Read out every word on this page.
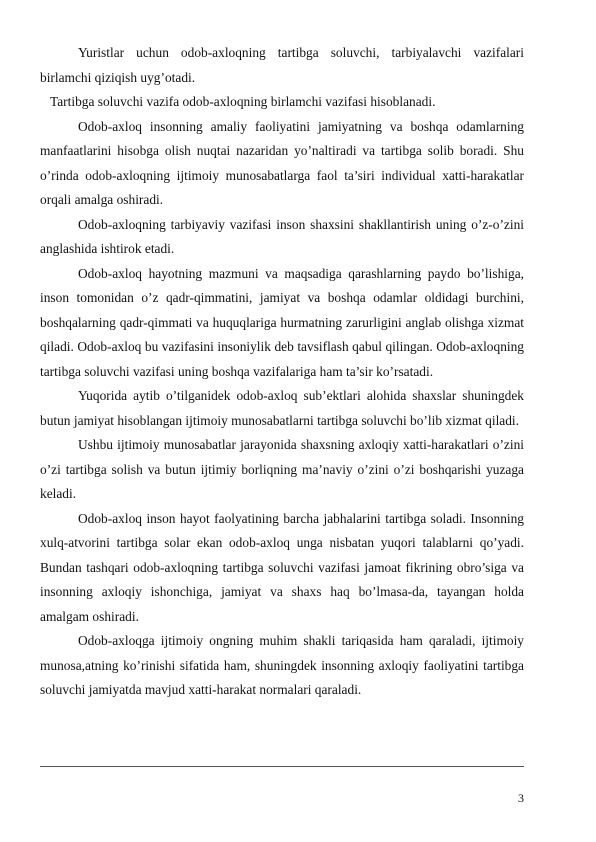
Yuristlar uchun odob-axloqning tartibga soluvchi, tarbiyalavchi vazifalari birlamchi qiziqish uyg’otadi.

Tartibga soluvchi vazifa odob-axloqning birlamchi vazifasi hisoblanadi.

Odob-axloq insonning amaliy faoliyatini jamiyatning va boshqa odamlarning manfaatlarini hisobga olish nuqtai nazaridan yo’naltiradi va tartibga solib boradi. Shu o’rinda odob-axloqning ijtimoiy munosabatlarga faol ta’siri individual xatti-harakatlar orqali amalga oshiradi.

Odob-axloqning tarbiyaviy vazifasi inson shaxsini shakllantirish uning o’z-o’zini anglashida ishtirok etadi.

Odob-axloq hayotning mazmuni va maqsadiga qarashlarning paydo bo’lishiga, inson tomonidan o’z qadr-qimmatini, jamiyat va boshqa odamlar oldidagi burchini, boshqalarning qadr-qimmati va huquqlariga hurmatning zarurligini anglab olishga xizmat qiladi. Odob-axloq bu vazifasini insoniylik deb tavsiflash qabul qilingan. Odob-axloqning tartibga soluvchi vazifasi uning boshqa vazifalariga ham ta’sir ko’rsatadi.

Yuqorida aytib o’tilganidek odob-axloq sub’ektlari alohida shaxslar shuningdek butun jamiyat hisoblangan ijtimoiy munosabatlarni tartibga soluvchi bo’lib xizmat qiladi.

Ushbu ijtimoiy munosabatlar jarayonida shaxsning axloqiy xatti-harakatlari o’zini o’zi tartibga solish va butun ijtimiy borliqning ma’naviy o’zini o’zi boshqarishi yuzaga keladi.

Odob-axloq inson hayot faolyatining barcha jabhalarini tartibga soladi. Insonning xulq-atvorini tartibga solar ekan odob-axloq unga nisbatan yuqori talablarni qo’yadi. Bundan tashqari odob-axloqning tartibga soluvchi vazifasi jamoat fikrining obro’siga va insonning axloqiy ishonchiga, jamiyat va shaxs haq bo’lmasa-da, tayangan holda amalgam oshiradi.

Odob-axloqga ijtimoiy ongning muhim shakli tariqasida ham qaraladi, ijtimoiy munosa,atning ko’rinishi sifatida ham, shuningdek insonning axloqiy faoliyatini tartibga soluvchi jamiyatda mavjud xatti-harakat normalari qaraladi.

3
